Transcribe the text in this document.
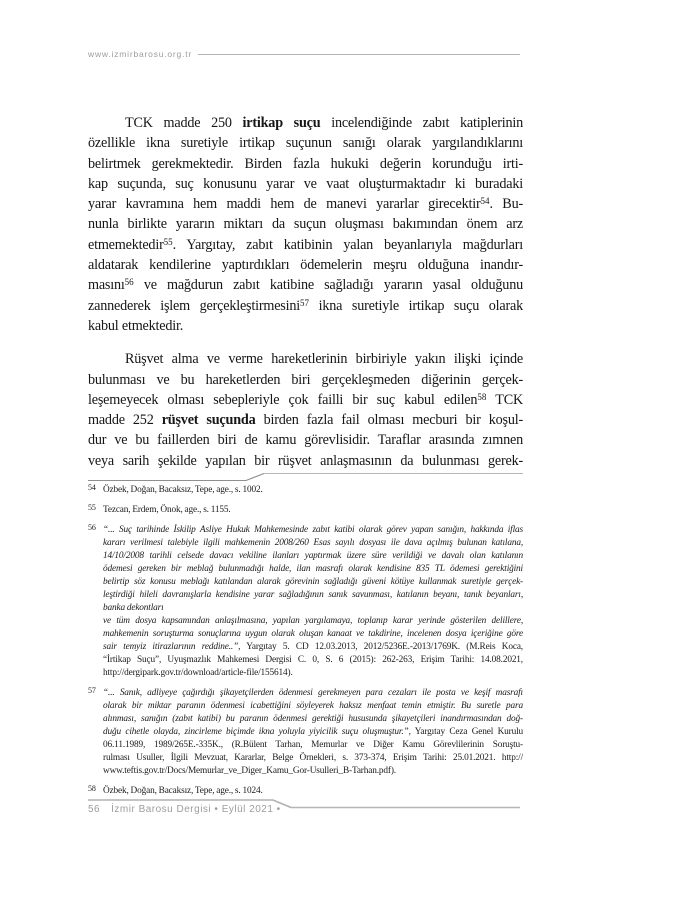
www.izmirbarosu.org.tr
TCK madde 250 irtikap suçu incelendiğinde zabıt katiplerinin
özellikle ikna suretiyle irtikap suçunun sanığı olarak yargılandıklarını
belirtmek gerekmektedir. Birden fazla hukuki değerin korunduğu irti-
kap suçunda, suç konusunu yarar ve vaat oluşturmaktadır ki buradaki
yarar kavramına hem maddi hem de manevi yararlar girecektir$^{54}$. Bu-
nunla birlikte yararın miktarı da suçun oluşması bakımından önem arz
etmemektedir$^{55}$. Yargıtay, zabıt katibinin yalan beyanlarıyla mağdurları
aldatarak kendilerine yaptırdıkları ödemelerin meşru olduğuna inandır-
masını$^{56}$ ve mağdurun zabıt katibine sağladığı yararın yasal olduğunu
zannederek işlem gerçekleştirmesini$^{57}$ ikna suretiyle irtikap suçu olarak
kabul etmektedir.
Rüşvet alma ve verme hareketlerinin birbiriyle yakın ilişki içinde
bulunması ve bu hareketlerden biri gerçekleşmeden diğerinin gerçek-
leşemeyecek olması sebepleriyle çok failli bir suç kabul edilen$^{58}$ TCK
madde 252 rüşvet suçunda birden fazla fail olması mecburi bir koşul-
dur ve bu faillerden biri de kamu görevlisidir. Taraflar arasında zımnen
veya sarih şekilde yapılan bir rüşvet anlaşmasının da bulunması gerek-
54 Özbek, Doğan, Bacaksız, Tepe, age., s. 1002.
55 Tezcan, Erdem, Önok, age., s. 1155.
56 “... Suç tarihinde İskilip Asliye Hukuk Mahkemesinde zabıt katibi olarak görev yapan sanığın, hakkında iflas
kararı verilmesi talebiyle ilgili mahkemenin 2008/260 Esas sayılı dosyası ile dava açılmış bulunan katılana,
14/10/2008 tarihli celsede davacı vekiline ilanları yaptırmak üzere süre verildiği ve davalı olan katılanın
ödemesi gereken bir meblağ bulunmadığı halde, ilan masrafı olarak kendisine 835 TL ödemesi gerektiğini
belirtip söz konusu meblağı katılandan alarak görevinin sağladığı güveni kötüye kullanmak suretiyle gerçek-
leştirdiği hileli davranışlarla kendisine yarar sağladığının sanık savunması, katılanın beyanı, tanık beyanları,
banka dekontları
ve tüm dosya kapsamından anlaşılmasına, yapılan yargılamaya, toplanıp karar yerinde gösterilen delillere,
mahkemenin soruşturma sonuçlarına uygun olarak oluşan kanaat ve takdirine, incelenen dosya içeriğine göre
sair temyiz itirazlarının reddine..”, Yargıtay 5. CD 12.03.2013, 2012/5236E.-2013/1769K. (M.Reis Koca,
“İrtikap Suçu”, Uyuşmazlık Mahkemesi Dergisi C. 0, S. 6 (2015): 262-263, Erişim Tarihi: 14.08.2021,
http://dergipark.gov.tr/download/article-file/155614).
57 “... Sanık, adliyeye çağırdığı şikayetçilerden ödenmesi gerekmeyen para cezaları ile posta ve keşif masrafı
olarak bir miktar paranın ödenmesi icabettiğini söyleyerek haksız menfaat temin etmiştir. Bu suretle para
alınması, sanığın (zabıt katibi) bu paranın ödenmesi gerektiği hususunda şikayetçileri inandırmasından doğ-
duğu cihetle olayda, zincirleme biçimde ikna yoluyla yiyicilik suçu oluşmuştur.”, Yargıtay Ceza Genel Kurulu
06.11.1989, 1989/265E.-335K., (R.Bülent Tarhan, Memurlar ve Diğer Kamu Görevlilerinin Soruştu-
rulması Usuller, İlgili Mevzuat, Kararlar, Belge Örnekleri, s. 373-374, Erişim Tarihi: 25.01.2021. http://
www.teftis.gov.tr/Docs/Memurlar_ve_Diger_Kamu_Gor-Usulleri_B-Tarhan.pdf).
58 Özbek, Doğan, Bacaksız, Tepe, age., s. 1024.
56 İzmir Barosu Dergisi • Eylül 2021 •
